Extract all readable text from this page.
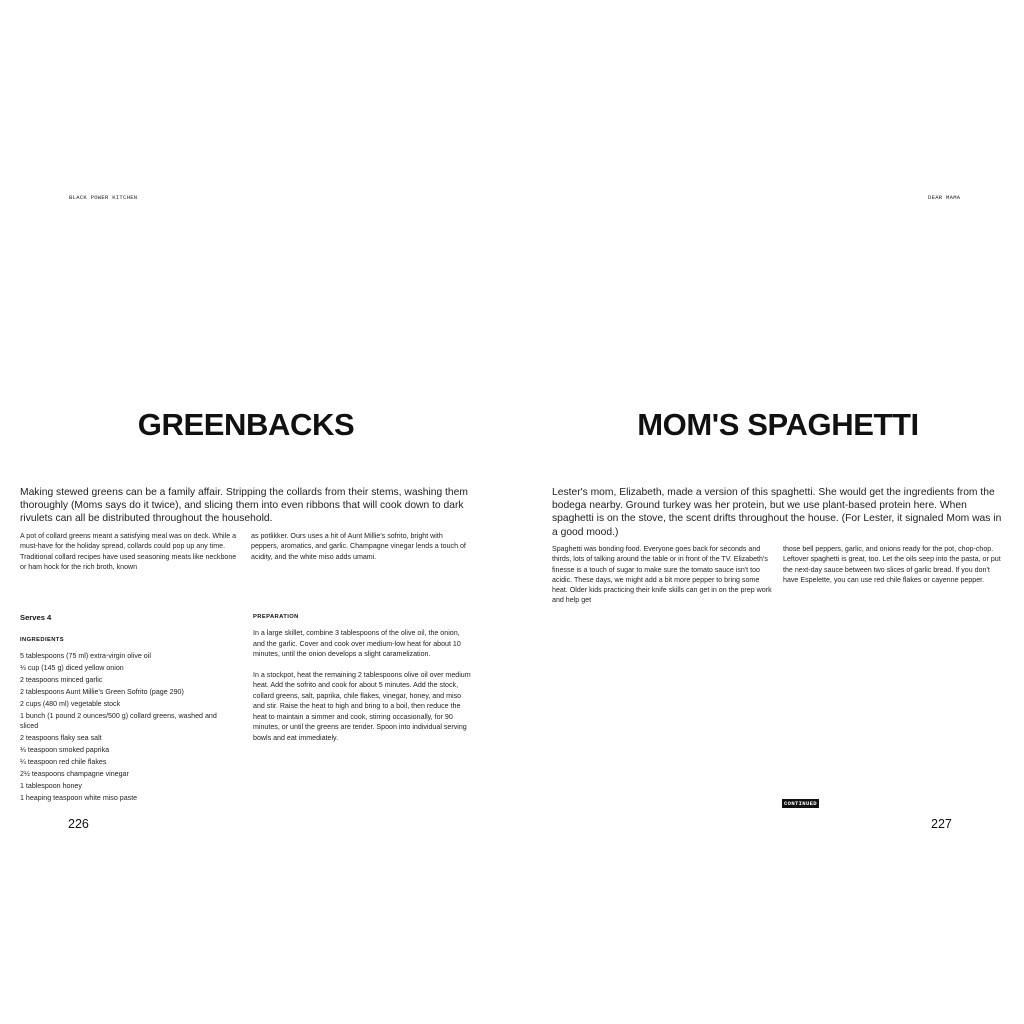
BLACK POWER KITCHEN
GREENBACKS

Making stewed greens can be a family affair. Stripping the collards from their stems, washing them thoroughly (Moms says do it twice), and slicing them into even ribbons that will cook down to dark rivulets can all be distributed throughout the household.

A pot of collard greens meant a satisfying meal was on deck. While a must-have for the holiday spread, collards could pop up any time. Traditional collard recipes have used seasoning meats like neckbone or ham hock for the rich broth, known

as potlikker. Ours uses a hit of Aunt Millie's sofrito, bright with peppers, aromatics, and garlic. Champagne vinegar lends a touch of acidity, and the white miso adds umami.

Serves 4

INGREDIENTS

5 tablespoons (75 ml) extra-virgin olive oil
⅓ cup (145 g) diced yellow onion
2 teaspoons minced garlic
2 tablespoons Aunt Millie's Green Sofrito (page 290)
2 cups (480 ml) vegetable stock
1 bunch (1 pound 2 ounces/500 g) collard greens, washed and sliced
2 teaspoons flaky sea salt
⅓ teaspoon smoked paprika
¼ teaspoon red chile flakes
2½ teaspoons champagne vinegar
1 tablespoon honey
1 heaping teaspoon white miso paste

PREPARATION

In a large skillet, combine 3 tablespoons of the olive oil, the onion, and the garlic. Cover and cook over medium-low heat for about 10 minutes, until the onion develops a slight caramelization.

In a stockpot, heat the remaining 2 tablespoons olive oil over medium heat. Add the sofrito and cook for about 5 minutes. Add the stock, collard greens, salt, paprika, chile flakes, vinegar, honey, and miso and stir. Raise the heat to high and bring to a boil, then reduce the heat to maintain a simmer and cook, stirring occasionally, for 90 minutes, or until the greens are tender. Spoon into individual serving bowls and eat immediately.

226

DEAR MAMA
MOM'S SPAGHETTI

Lester's mom, Elizabeth, made a version of this spaghetti. She would get the ingredients from the bodega nearby. Ground turkey was her protein, but we use plant-based protein here. When spaghetti is on the stove, the scent drifts throughout the house. (For Lester, it signaled Mom was in a good mood.)

Spaghetti was bonding food. Everyone goes back for seconds and thirds, lots of talking around the table or in front of the TV. Elizabeth's finesse is a touch of sugar to make sure the tomato sauce isn't too acidic. These days, we might add a bit more pepper to bring some heat. Older kids practicing their knife skills can get in on the prep work and help get

those bell peppers, garlic, and onions ready for the pot, chop-chop. Leftover spaghetti is great, too. Let the oils seep into the pasta, or put the next-day sauce between two slices of garlic bread. If you don't have Espelette, you can use red chile flakes or cayenne pepper.

CONTINUED

227
